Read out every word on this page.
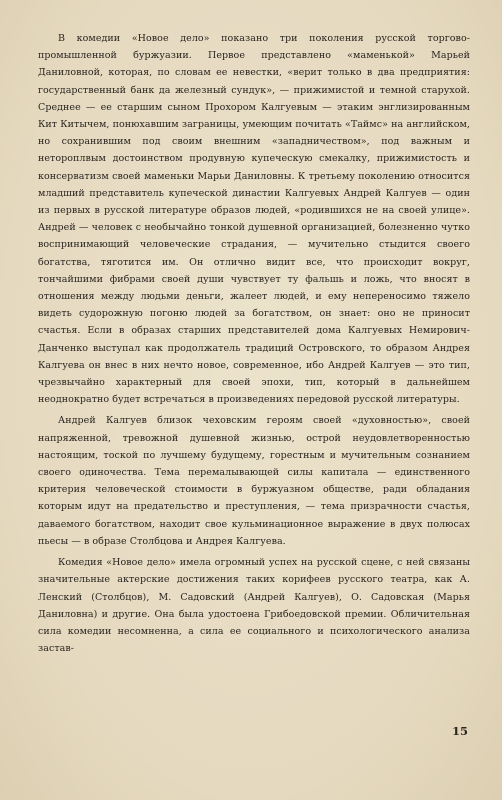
В комедии «Новое дело» показано три поколения русской торгово-промышленной буржуазии. Первое представлено «маменькой» Марьей Даниловной, которая, по словам ее невестки, «верит только в два предприятия: государственный банк да железный сундук», — прижимистой и темной старухой. Среднее — ее старшим сыном Прохором Калгуевым — этаким энглизированным Кит Китычем, понюхавшим заграницы, умеющим почитать «Таймс» на английском, но сохранившим под своим внешним «западничеством», под важным и нетороплвым достоинством продувную купеческую смекалку, прижимистость и консерватизм своей маменьки Марьи Даниловны. К третьему поколению относится младший представитель купеческой династии Калгуевых Андрей Калгуев — один из первых в русской литературе образов людей, «родившихся не на своей улице». Андрей — человек с необычайно тонкой душевной организацией, болезненно чутко воспринимающий человеческие страдания, — мучительно стыдится своего богатства, тяготится им. Он отлично видит все, что происходит вокруг, тончайшими фибрами своей души чувствует ту фальшь и ложь, что вносят в отношения между людьми деньги, жалеет людей, и ему непереносимо тяжело видеть судорожную погоню людей за богатством, он знает: оно не приносит счастья. Если в образах старших представителей дома Калгуевых Немирович-Данченко выступал как продолжатель традиций Островского, то образом Андрея Калгуева он внес в них нечто новое, современное, ибо Андрей Калгуев — это тип, чрезвычайно характерный для своей эпохи, тип, который в дальнейшем неоднократно будет встречаться в произведениях передовой русской литературы.

Андрей Калгуев близок чеховским героям своей «духовностью», своей напряженной, тревожной душевной жизнью, острой неудовлетворенностью настоящим, тоской по лучшему будущему, горестным и мучительным сознанием своего одиночества. Тема перемалывающей силы капитала — единственного критерия человеческой стоимости в буржуазном обществе, ради обладания которым идут на предательство и преступления, — тема призрачности счастья, даваемого богатством, находит свое кульминационное выражение в двух полюсах пьесы — в образе Столбцова и Андрея Калгуева.

Комедия «Новое дело» имела огромный успех на русской сцене, с ней связаны значительные актерские достижения таких корифеев русского театра, как А. Ленский (Столбцов), М. Садовский (Андрей Калгуев), О. Садовская (Марья Даниловна) и другие. Она была удостоена Грибоедовской премии. Обличительная сила комедии несомненна, а сила ее социального и психологического анализа застав-

15
